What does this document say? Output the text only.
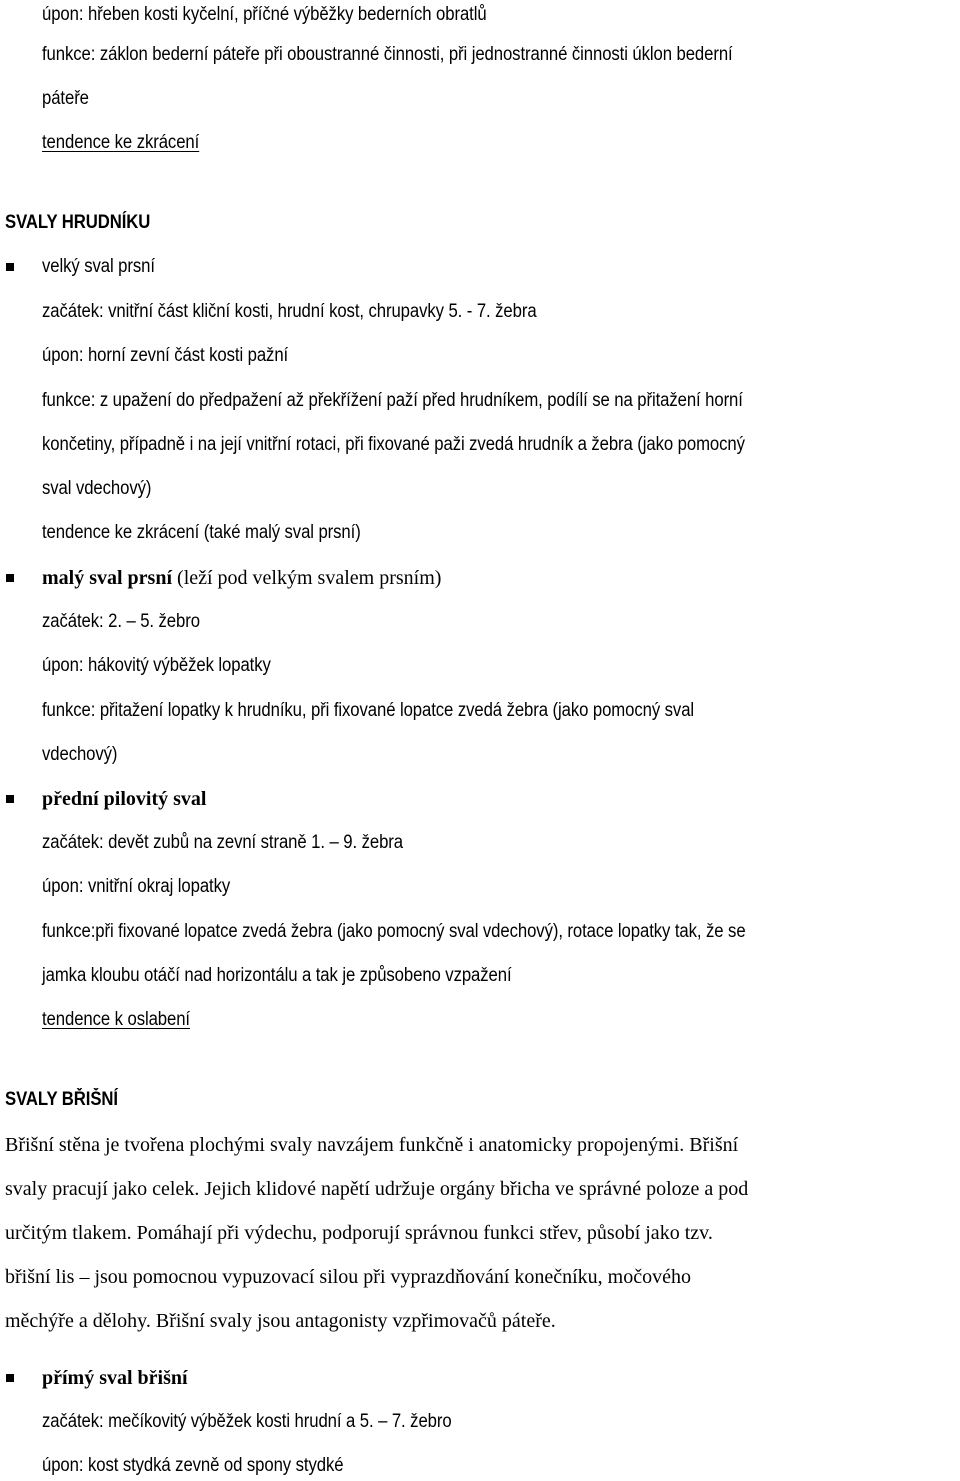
úpon: hřeben kosti kyčelní, příčné výběžky bederních obratlů
funkce: záklon bederní páteře při oboustranné činnosti, při jednostranné činnosti úklon bederní
páteře
tendence ke zkrácení
SVALY HRUDNÍKU
velký sval prsní
začátek: vnitřní část kliční kosti, hrudní kost, chrupavky 5. - 7. žebra
úpon: horní zevní část kosti pažní
funkce: z upažení do předpažení až překřížení paží před hrudníkem, podílí se na přitažení horní
končetiny, případně i na její vnitřní rotaci, při fixované paži zvedá hrudník a žebra (jako pomocný
sval vdechový)
tendence ke zkrácení (také malý sval prsní)
malý sval prsní (leží pod velkým svalem prsním)
začátek: 2. – 5. žebro
úpon: hákovitý výběžek lopatky
funkce: přitažení lopatky k hrudníku, při fixované lopatce zvedá žebra (jako pomocný sval
vdechový)
přední pilovitý sval
začátek: devět zubů na zevní straně 1. – 9. žebra
úpon: vnitřní okraj lopatky
funkce:při fixované lopatce zvedá žebra (jako pomocný sval vdechový), rotace lopatky tak, že se
jamka kloubu otáčí nad horizontálu a tak je způsobeno vzpažení
tendence k oslabení
SVALY BŘIŠNÍ
Břišní stěna je tvořena plochými svaly navzájem funkčně i anatomicky propojenými. Břišní
svaly pracují jako celek. Jejich klidové napětí udržuje orgány břicha ve správné poloze a pod
určitým tlakem. Pomáhají při výdechu, podporují správnou funkci střev, působí jako tzv.
břišní lis – jsou pomocnou vypuzovací silou při vyprazdňování konečníku, močového
měchýře a dělohy. Břišní svaly jsou antagonisty vzpřimovačů páteře.
přímý sval břišní
začátek: mečíkovitý výběžek kosti hrudní a 5. – 7. žebro
úpon: kost stydká zevně od spony stydké
